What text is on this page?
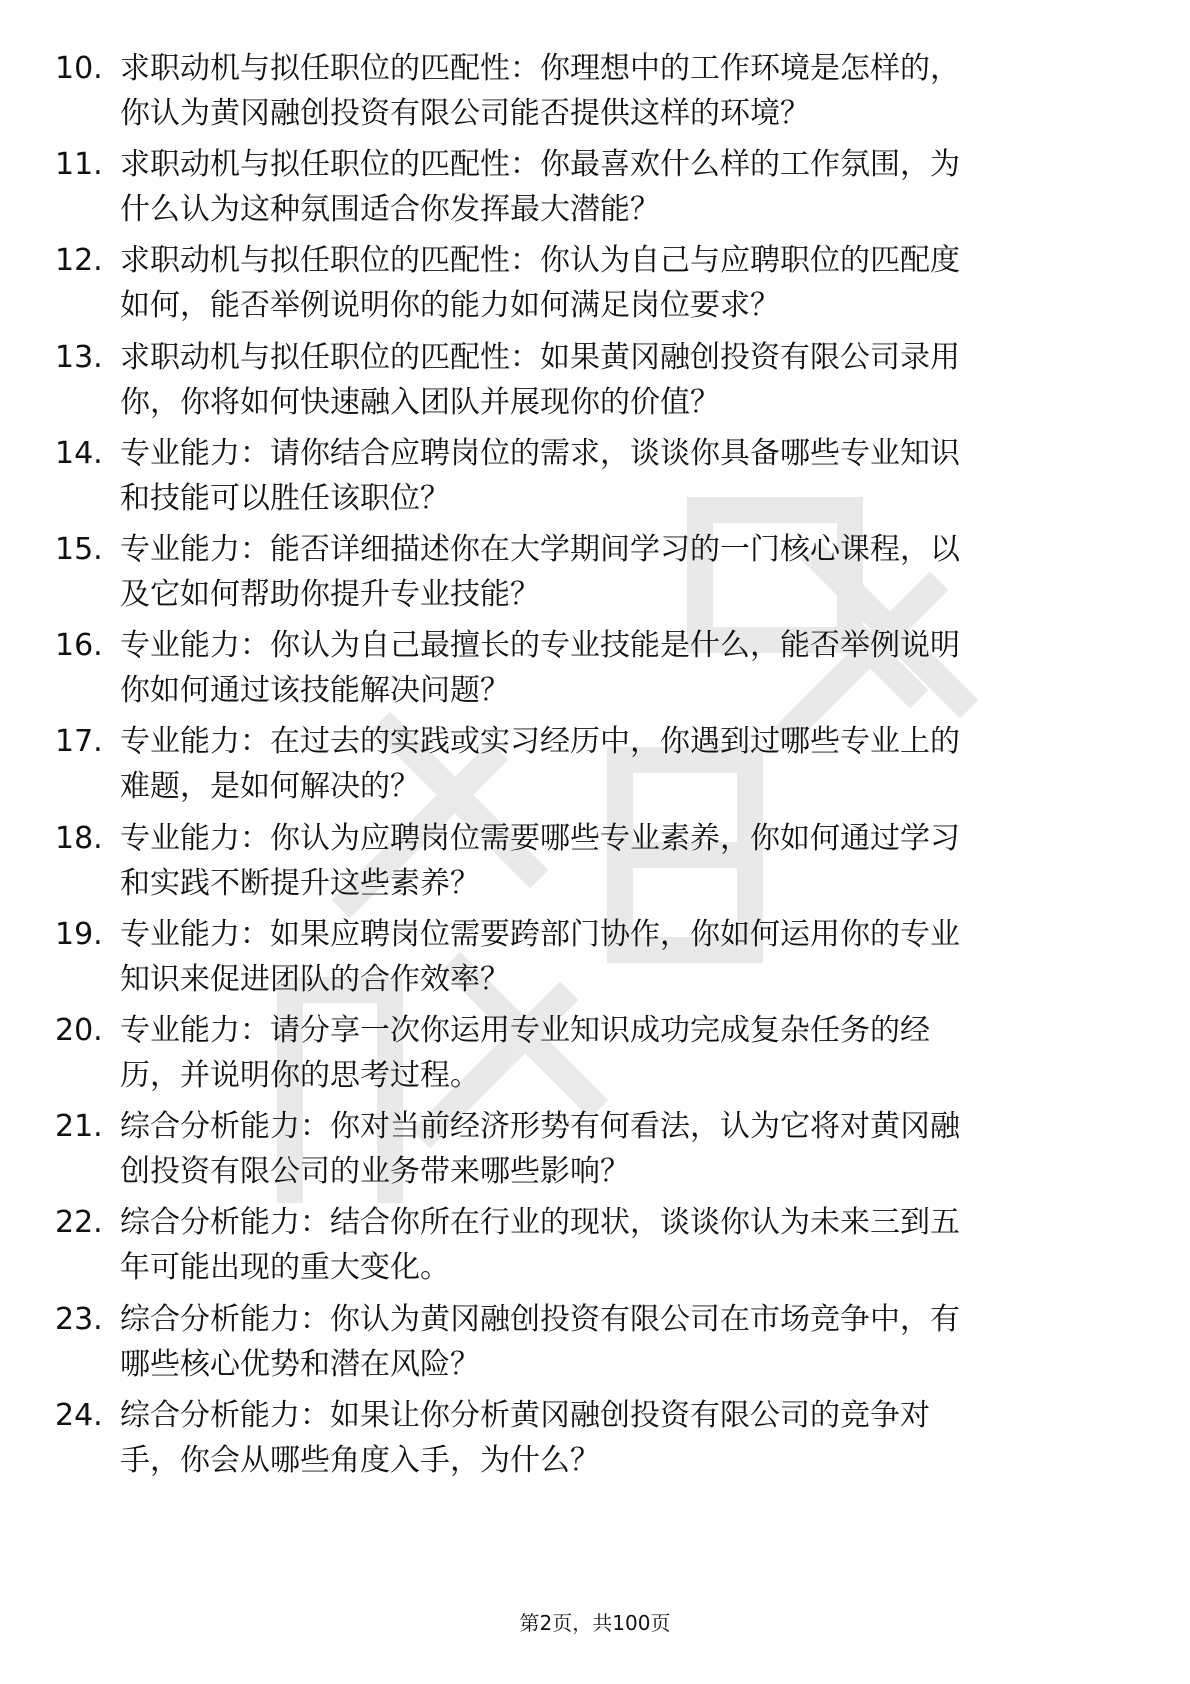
10. 求职动机与拟任职位的匹配性：你理想中的工作环境是怎样的，
你认为黄冈融创投资有限公司能否提供这样的环境？
11. 求职动机与拟任职位的匹配性：你最喜欢什么样的工作氛围，为
什么认为这种氛围适合你发挥最大潜能？
12. 求职动机与拟任职位的匹配性：你认为自己与应聘职位的匹配度
如何，能否举例说明你的能力如何满足岗位要求？
13. 求职动机与拟任职位的匹配性：如果黄冈融创投资有限公司录用
你，你将如何快速融入团队并展现你的价值？
14. 专业能力：请你结合应聘岗位的需求，谈谈你具备哪些专业知识
和技能可以胜任该职位？
15. 专业能力：能否详细描述你在大学期间学习的一门核心课程，以
及它如何帮助你提升专业技能？
16. 专业能力：你认为自己最擅长的专业技能是什么，能否举例说明
你如何通过该技能解决问题？
17. 专业能力：在过去的实践或实习经历中，你遇到过哪些专业上的
难题，是如何解决的？
18. 专业能力：你认为应聘岗位需要哪些专业素养，你如何通过学习
和实践不断提升这些素养？
19. 专业能力：如果应聘岗位需要跨部门协作，你如何运用你的专业
知识来促进团队的合作效率？
20. 专业能力：请分享一次你运用专业知识成功完成复杂任务的经
历，并说明你的思考过程。
21. 综合分析能力：你对当前经济形势有何看法，认为它将对黄冈融
创投资有限公司的业务带来哪些影响？
22. 综合分析能力：结合你所在行业的现状，谈谈你认为未来三到五
年可能出现的重大变化。
23. 综合分析能力：你认为黄冈融创投资有限公司在市场竞争中，有
哪些核心优势和潜在风险？
24. 综合分析能力：如果让你分析黄冈融创投资有限公司的竞争对
手，你会从哪些角度入手，为什么？
第2页，共100页
